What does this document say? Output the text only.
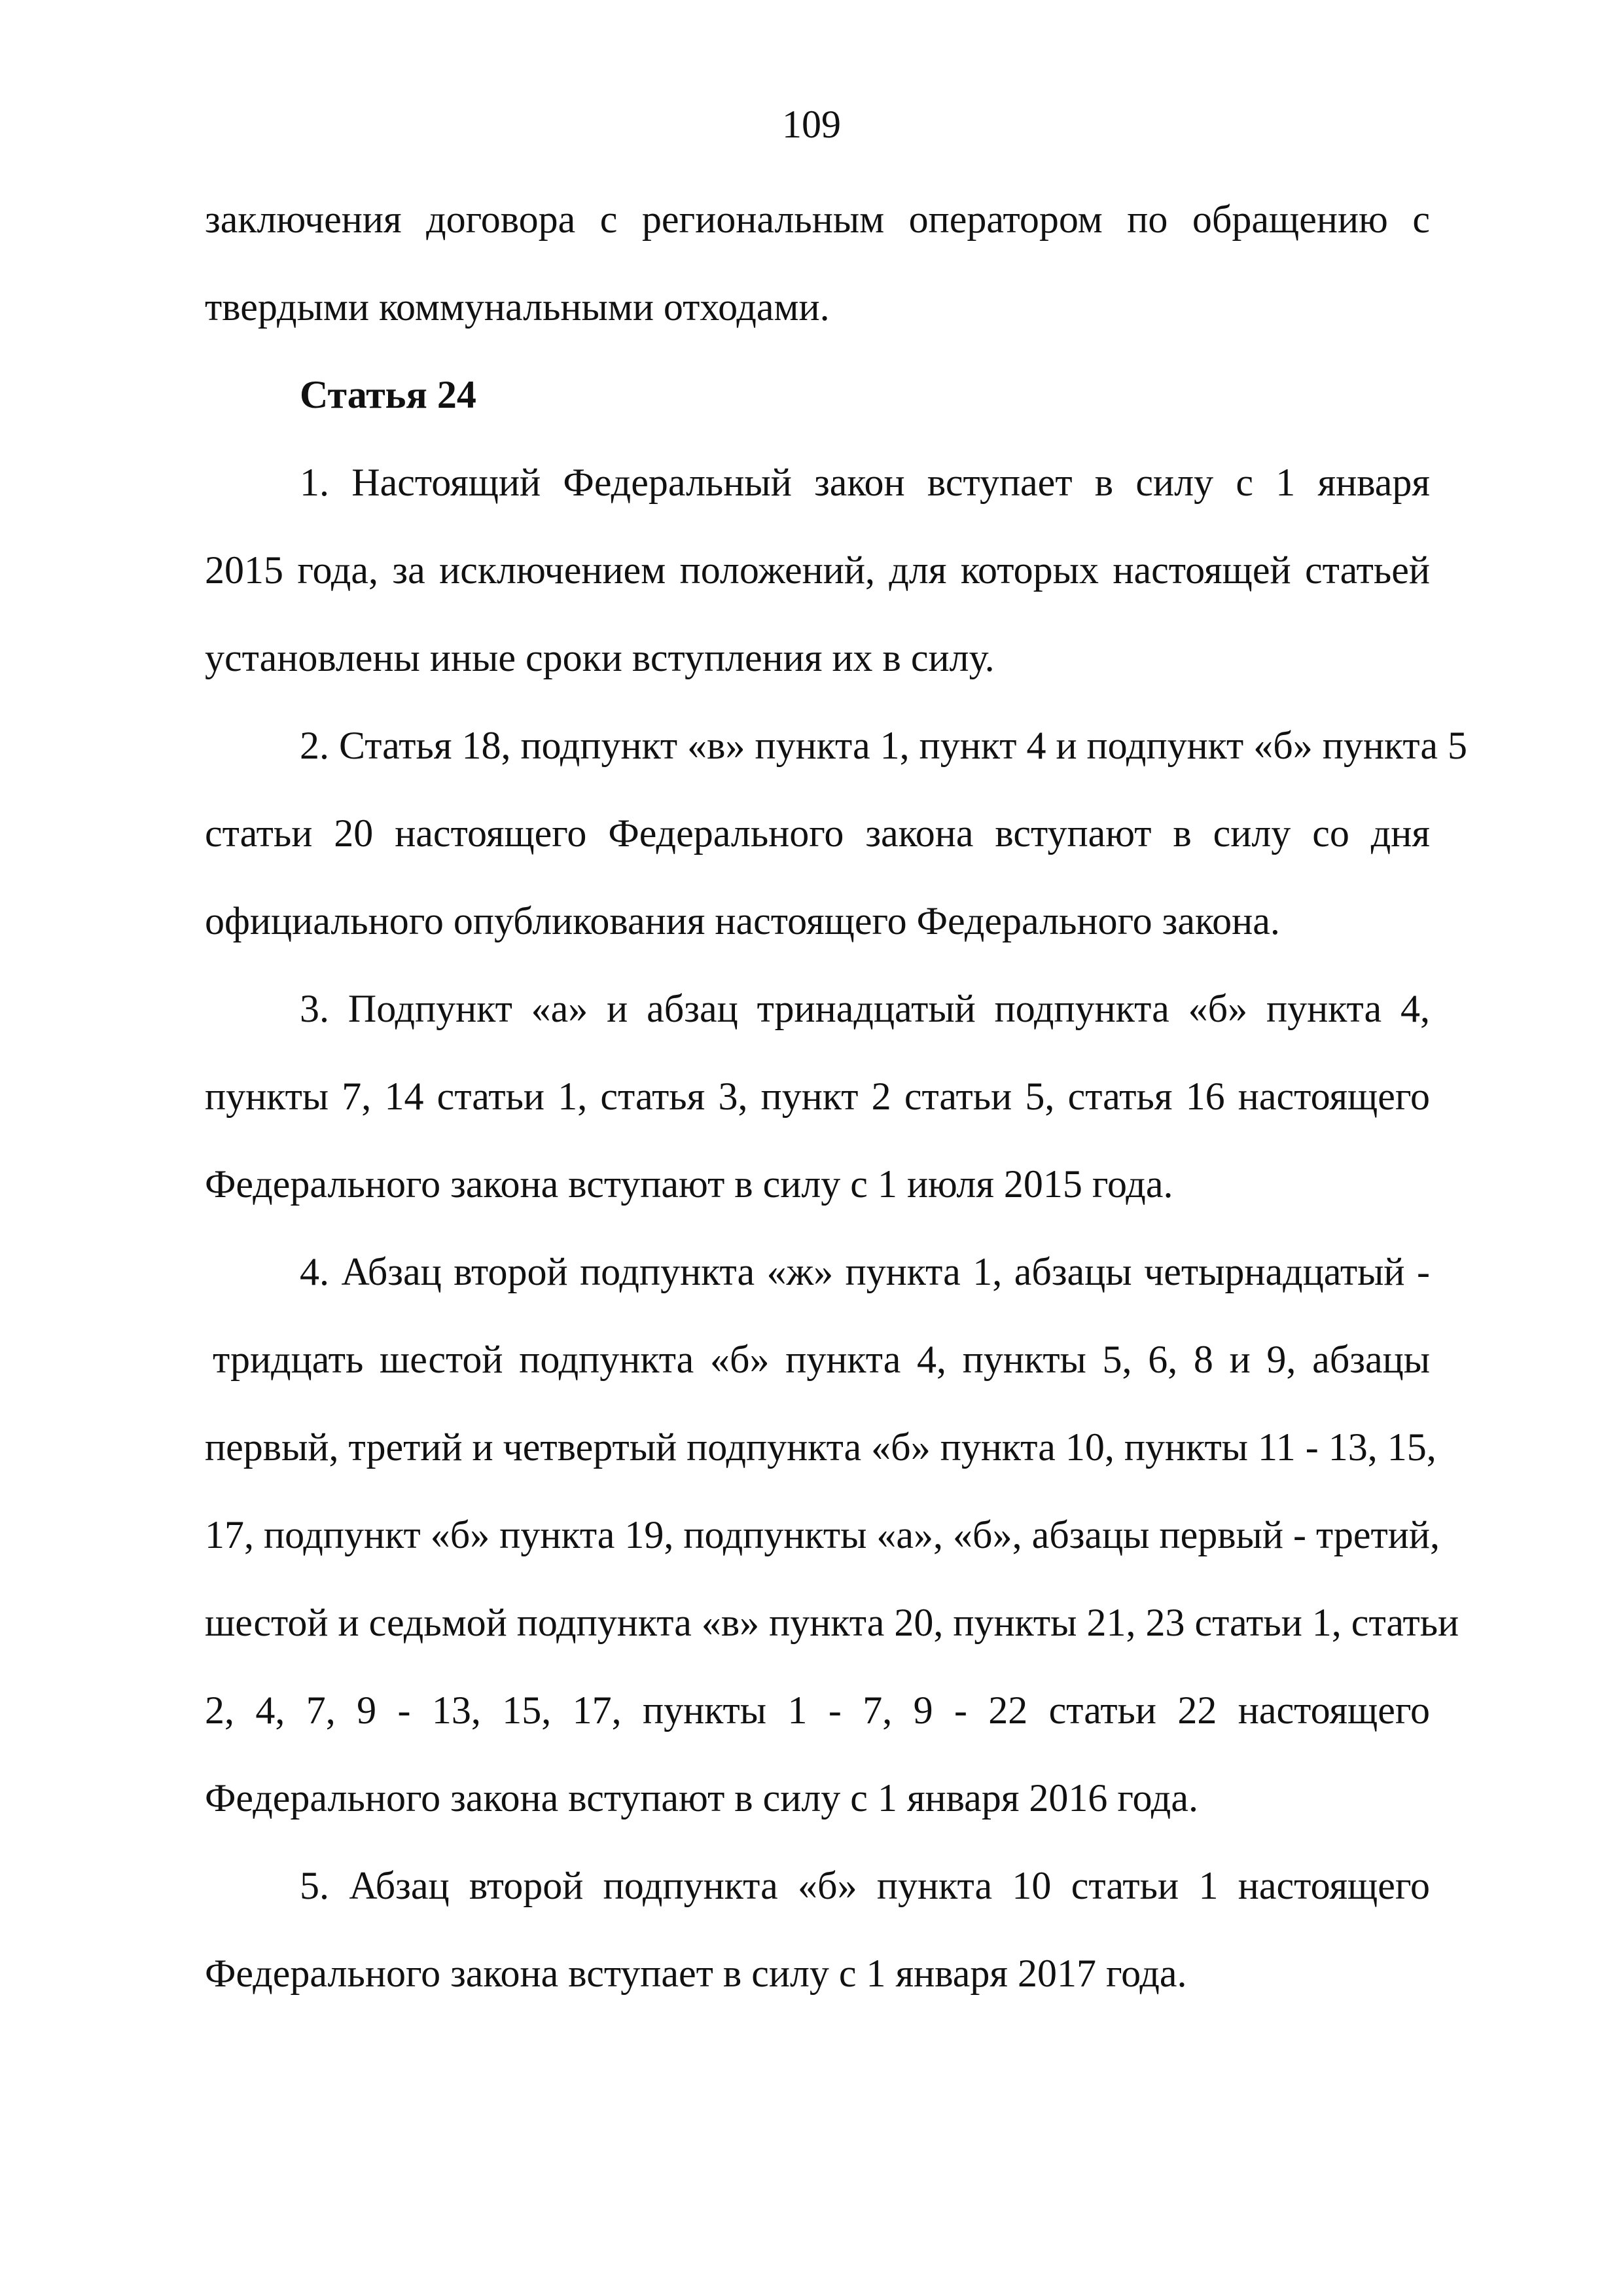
109
заключения договора с региональным оператором по обращению с
твердыми коммунальными отходами.
Статья 24
1. Настоящий Федеральный закон вступает в силу с 1 января
2015 года, за исключением положений, для которых настоящей статьей
установлены иные сроки вступления их в силу.
2. Статья 18, подпункт «в» пункта 1, пункт 4 и подпункт «б» пункта 5
статьи 20 настоящего Федерального закона вступают в силу со дня
официального опубликования настоящего Федерального закона.
3. Подпункт «а» и абзац тринадцатый подпункта «б» пункта 4,
пункты 7, 14 статьи 1, статья 3, пункт 2 статьи 5, статья 16 настоящего
Федерального закона вступают в силу с 1 июля 2015 года.
4. Абзац второй подпункта «ж» пункта 1, абзацы четырнадцатый -
тридцать шестой подпункта «б» пункта 4, пункты 5, 6, 8 и 9, абзацы
первый, третий и четвертый подпункта «б» пункта 10, пункты 11 - 13, 15,
17, подпункт «б» пункта 19, подпункты «а», «б», абзацы первый - третий,
шестой и седьмой подпункта «в» пункта 20, пункты 21, 23 статьи 1, статьи
2, 4, 7, 9 - 13, 15, 17, пункты 1 - 7, 9 - 22 статьи 22 настоящего
Федерального закона вступают в силу с 1 января 2016 года.
5. Абзац второй подпункта «б» пункта 10 статьи 1 настоящего
Федерального закона вступает в силу с 1 января 2017 года.
